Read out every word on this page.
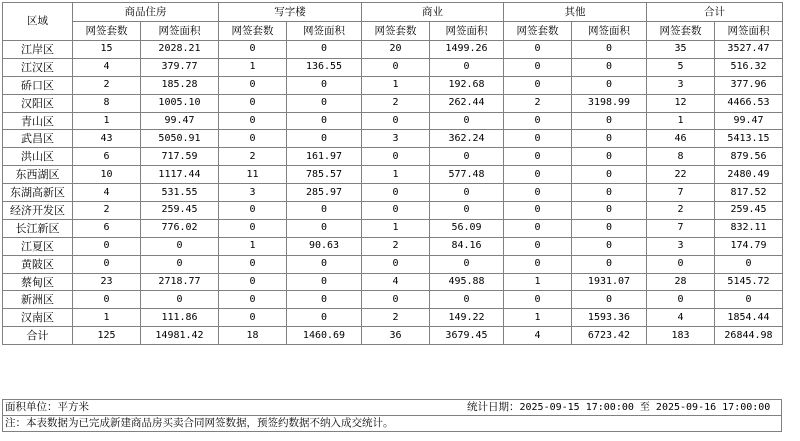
区域	商品住房		写字楼		商业		其他		合计	
	网签套数	网签面积	网签套数	网签面积	网签套数	网签面积	网签套数	网签面积	网签套数	网签面积
江岸区	15	2028.21	0	0	20	1499.26	0	0	35	3527.47
江汉区	4	379.77	1	136.55	0	0	0	0	5	516.32
硚口区	2	185.28	0	0	1	192.68	0	0	3	377.96
汉阳区	8	1005.10	0	0	2	262.44	2	3198.99	12	4466.53
青山区	1	99.47	0	0	0	0	0	0	1	99.47
武昌区	43	5050.91	0	0	3	362.24	0	0	46	5413.15
洪山区	6	717.59	2	161.97	0	0	0	0	8	879.56
东西湖区	10	1117.44	11	785.57	1	577.48	0	0	22	2480.49
东湖高新区	4	531.55	3	285.97	0	0	0	0	7	817.52
经济开发区	2	259.45	0	0	0	0	0	0	2	259.45
长江新区	6	776.02	0	0	1	56.09	0	0	7	832.11
江夏区	0	0	1	90.63	2	84.16	0	0	3	174.79
黄陂区	0	0	0	0	0	0	0	0	0	0
蔡甸区	23	2718.77	0	0	4	495.88	1	1931.07	28	5145.72
新洲区	0	0	0	0	0	0	0	0	0	0
汉南区	1	111.86	0	0	2	149.22	1	1593.36	4	1854.44
合计	125	14981.42	18	1460.69	36	3679.45	4	6723.42	183	26844.98
面积单位：平方米	统计日期：2025-09-15 17:00:00 至 2025-09-16 17:00:00
注：本表数据为已完成新建商品房买卖合同网签数据，预签约数据不纳入成交统计。
